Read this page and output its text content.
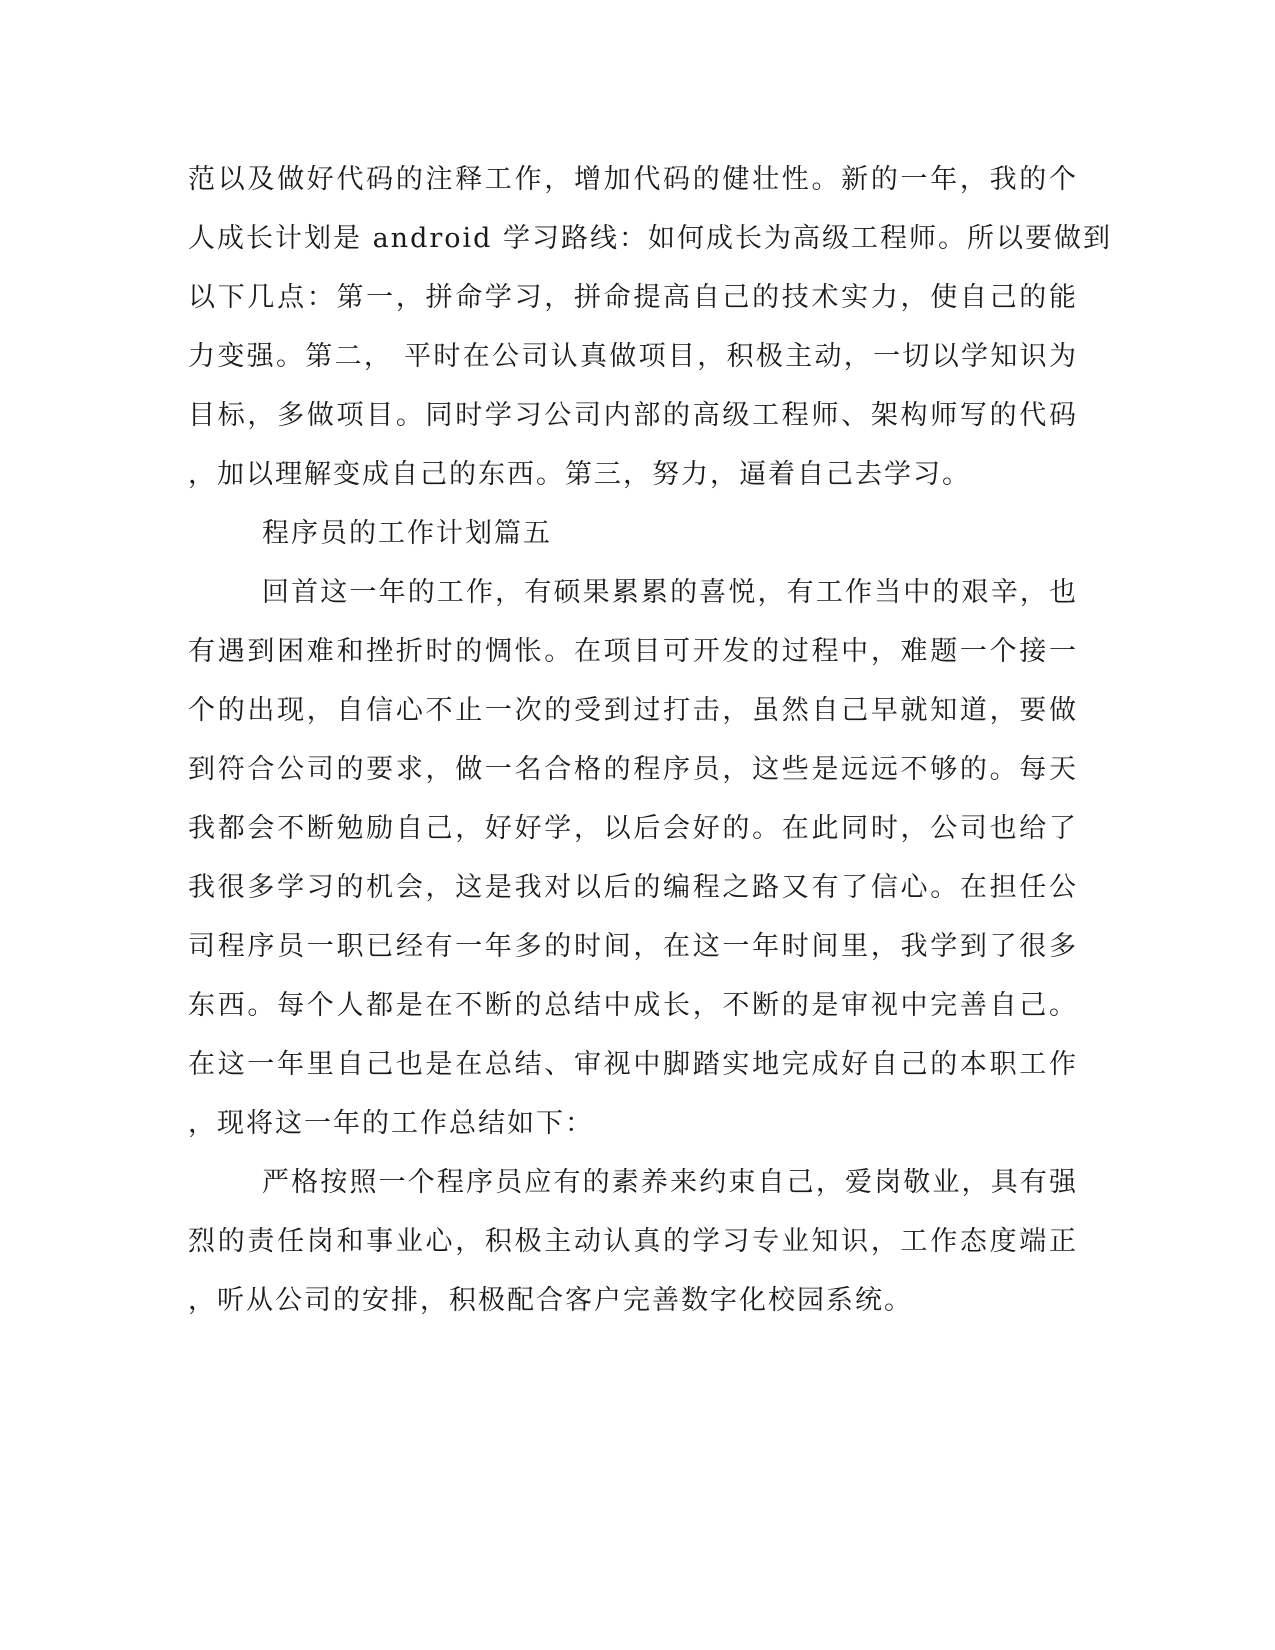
范以及做好代码的注释工作，增加代码的健壮性。新的一年，我的个
人成长计划是 android 学习路线：如何成长为高级工程师。所以要做到
以下几点：第一，拼命学习，拼命提高自己的技术实力，使自己的能
力变强。第二， 平时在公司认真做项目，积极主动，一切以学知识为
目标，多做项目。同时学习公司内部的高级工程师、架构师写的代码
，加以理解变成自己的东西。第三，努力，逼着自己去学习。
程序员的工作计划篇五
回首这一年的工作，有硕果累累的喜悦，有工作当中的艰辛，也
有遇到困难和挫折时的惆怅。在项目可开发的过程中，难题一个接一
个的出现，自信心不止一次的受到过打击，虽然自己早就知道，要做
到符合公司的要求，做一名合格的程序员，这些是远远不够的。每天
我都会不断勉励自己，好好学，以后会好的。在此同时，公司也给了
我很多学习的机会，这是我对以后的编程之路又有了信心。在担任公
司程序员一职已经有一年多的时间，在这一年时间里，我学到了很多
东西。每个人都是在不断的总结中成长，不断的是审视中完善自己。
在这一年里自己也是在总结、审视中脚踏实地完成好自己的本职工作
，现将这一年的工作总结如下：
严格按照一个程序员应有的素养来约束自己，爱岗敬业，具有强
烈的责任岗和事业心，积极主动认真的学习专业知识，工作态度端正
，听从公司的安排，积极配合客户完善数字化校园系统。
